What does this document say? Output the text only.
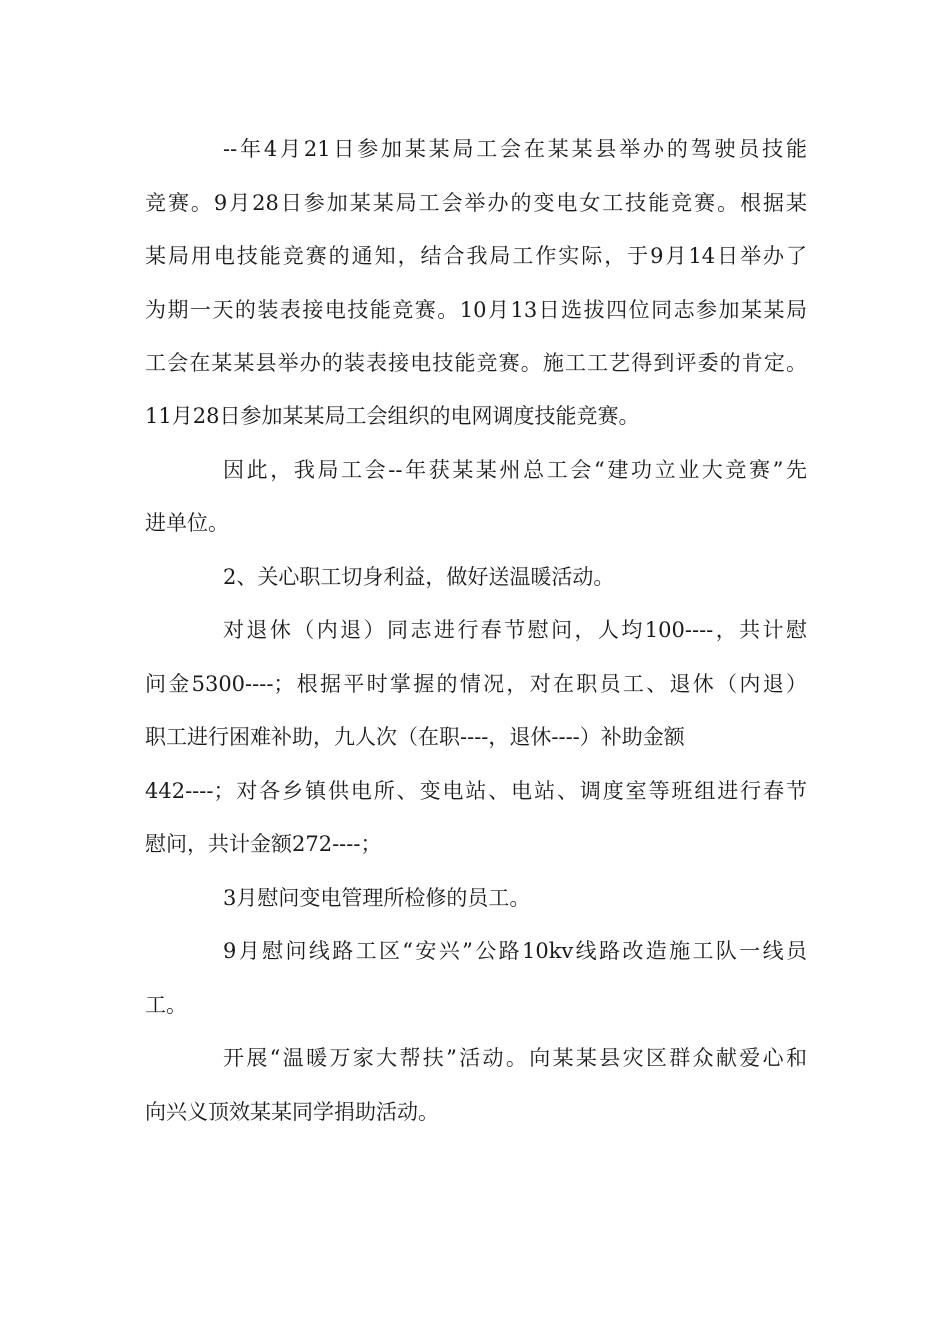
--年4月21日参加某某局工会在某某县举办的驾驶员技能
竞赛。9月28日参加某某局工会举办的变电女工技能竞赛。根据某
某局用电技能竞赛的通知，结合我局工作实际，于9月14日举办了
为期一天的装表接电技能竞赛。10月13日选拔四位同志参加某某局
工会在某某县举办的装表接电技能竞赛。施工工艺得到评委的肯定。
11月28日参加某某局工会组织的电网调度技能竞赛。
因此，我局工会--年获某某州总工会“建功立业大竞赛”先
进单位。
2、关心职工切身利益，做好送温暖活动。
对退休（内退）同志进行春节慰问，人均100----，共计慰
问金5300----；根据平时掌握的情况，对在职员工、退休（内退）
职工进行困难补助，九人次（在职----，退休----）补助金额
442----；对各乡镇供电所、变电站、电站、调度室等班组进行春节
慰问，共计金额272----；
3月慰问变电管理所检修的员工。
9月慰问线路工区“安兴”公路10kv线路改造施工队一线员
工。
开展“温暖万家大帮扶”活动。向某某县灾区群众献爱心和
向兴义顶效某某同学捐助活动。
